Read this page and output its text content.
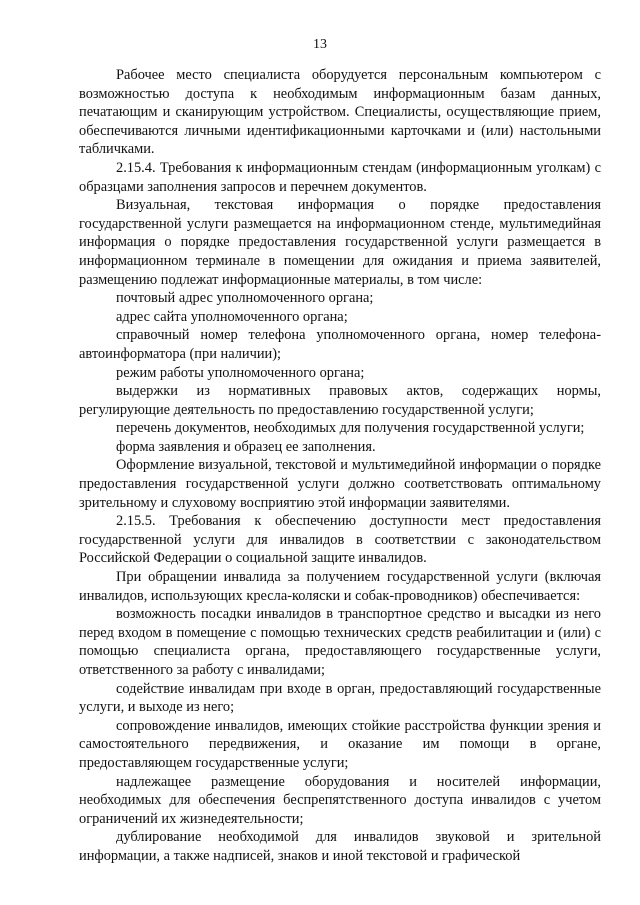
13

Рабочее место специалиста оборудуется персональным компьютером с возможностью доступа к необходимым информационным базам данных, печатающим и сканирующим устройством. Специалисты, осуществляющие прием, обеспечиваются личными идентификационными карточками и (или) настольными табличками.

2.15.4. Требования к информационным стендам (информационным уголкам) с образцами заполнения запросов и перечнем документов.

Визуальная, текстовая информация о порядке предоставления государственной услуги размещается на информационном стенде, мультимедийная информация о порядке предоставления государственной услуги размещается в информационном терминале в помещении для ожидания и приема заявителей, размещению подлежат информационные материалы, в том числе:

почтовый адрес уполномоченного органа;

адрес сайта уполномоченного органа;

справочный номер телефона уполномоченного органа, номер телефона-автоинформатора (при наличии);

режим работы уполномоченного органа;

выдержки из нормативных правовых актов, содержащих нормы, регулирующие деятельность по предоставлению государственной услуги;

перечень документов, необходимых для получения государственной услуги;

форма заявления и образец ее заполнения.

Оформление визуальной, текстовой и мультимедийной информации о порядке предоставления государственной услуги должно соответствовать оптимальному зрительному и слуховому восприятию этой информации заявителями.

2.15.5. Требования к обеспечению доступности мест предоставления государственной услуги для инвалидов в соответствии с законодательством Российской Федерации о социальной защите инвалидов.

При обращении инвалида за получением государственной услуги (включая инвалидов, использующих кресла-коляски и собак-проводников) обеспечивается:

возможность посадки инвалидов в транспортное средство и высадки из него перед входом в помещение с помощью технических средств реабилитации и (или) с помощью специалиста органа, предоставляющего государственные услуги, ответственного за работу с инвалидами;

содействие инвалидам при входе в орган, предоставляющий государственные услуги, и выходе из него;

сопровождение инвалидов, имеющих стойкие расстройства функции зрения и самостоятельного передвижения, и оказание им помощи в органе, предоставляющем государственные услуги;

надлежащее размещение оборудования и носителей информации, необходимых для обеспечения беспрепятственного доступа инвалидов с учетом ограничений их жизнедеятельности;

дублирование необходимой для инвалидов звуковой и зрительной информации, а также надписей, знаков и иной текстовой и графической
